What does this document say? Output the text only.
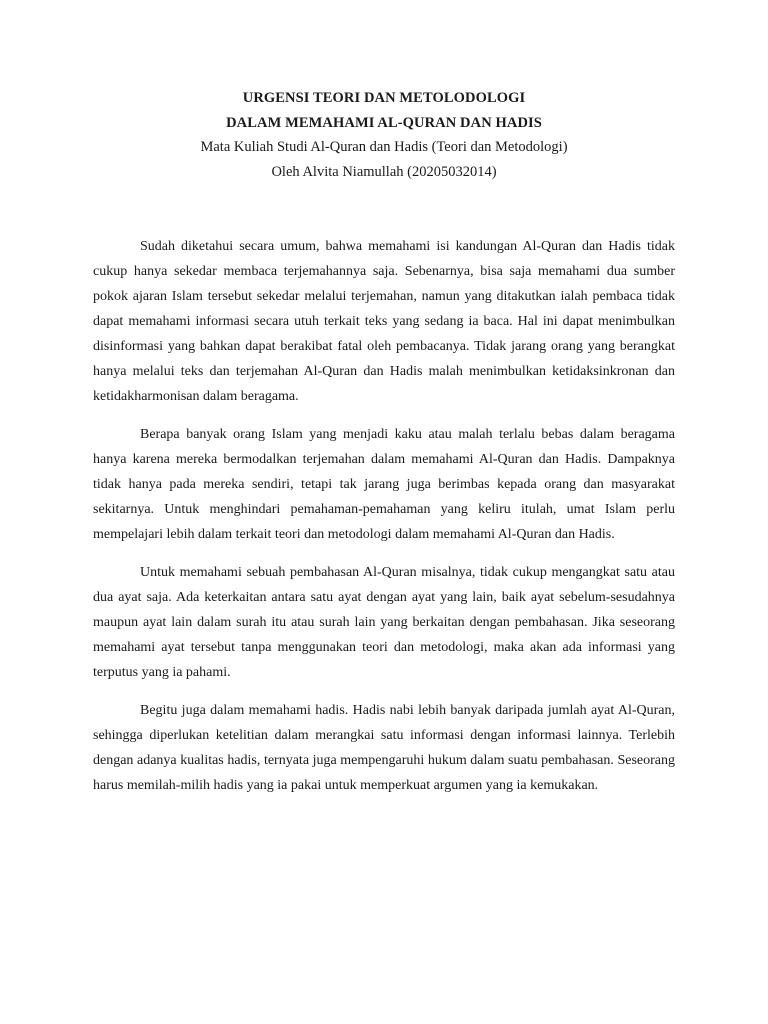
URGENSI TEORI DAN METOLODOLOGI
DALAM MEMAHAMI AL-QURAN DAN HADIS
Mata Kuliah Studi Al-Quran dan Hadis (Teori dan Metodologi)
Oleh Alvita Niamullah (20205032014)

Sudah diketahui secara umum, bahwa memahami isi kandungan Al-Quran dan Hadis tidak cukup hanya sekedar membaca terjemahannya saja. Sebenarnya, bisa saja memahami dua sumber pokok ajaran Islam tersebut sekedar melalui terjemahan, namun yang ditakutkan ialah pembaca tidak dapat memahami informasi secara utuh terkait teks yang sedang ia baca. Hal ini dapat menimbulkan disinformasi yang bahkan dapat berakibat fatal oleh pembacanya. Tidak jarang orang yang berangkat hanya melalui teks dan terjemahan Al-Quran dan Hadis malah menimbulkan ketidaksinkronan dan ketidakharmonisan dalam beragama.

Berapa banyak orang Islam yang menjadi kaku atau malah terlalu bebas dalam beragama hanya karena mereka bermodalkan terjemahan dalam memahami Al-Quran dan Hadis. Dampaknya tidak hanya pada mereka sendiri, tetapi tak jarang juga berimbas kepada orang dan masyarakat sekitarnya. Untuk menghindari pemahaman-pemahaman yang keliru itulah, umat Islam perlu mempelajari lebih dalam terkait teori dan metodologi dalam memahami Al-Quran dan Hadis.

Untuk memahami sebuah pembahasan Al-Quran misalnya, tidak cukup mengangkat satu atau dua ayat saja. Ada keterkaitan antara satu ayat dengan ayat yang lain, baik ayat sebelum-sesudahnya maupun ayat lain dalam surah itu atau surah lain yang berkaitan dengan pembahasan. Jika seseorang memahami ayat tersebut tanpa menggunakan teori dan metodologi, maka akan ada informasi yang terputus yang ia pahami.

Begitu juga dalam memahami hadis. Hadis nabi lebih banyak daripada jumlah ayat Al-Quran, sehingga diperlukan ketelitian dalam merangkai satu informasi dengan informasi lainnya. Terlebih dengan adanya kualitas hadis, ternyata juga mempengaruhi hukum dalam suatu pembahasan. Seseorang harus memilah-milih hadis yang ia pakai untuk memperkuat argumen yang ia kemukakan.
